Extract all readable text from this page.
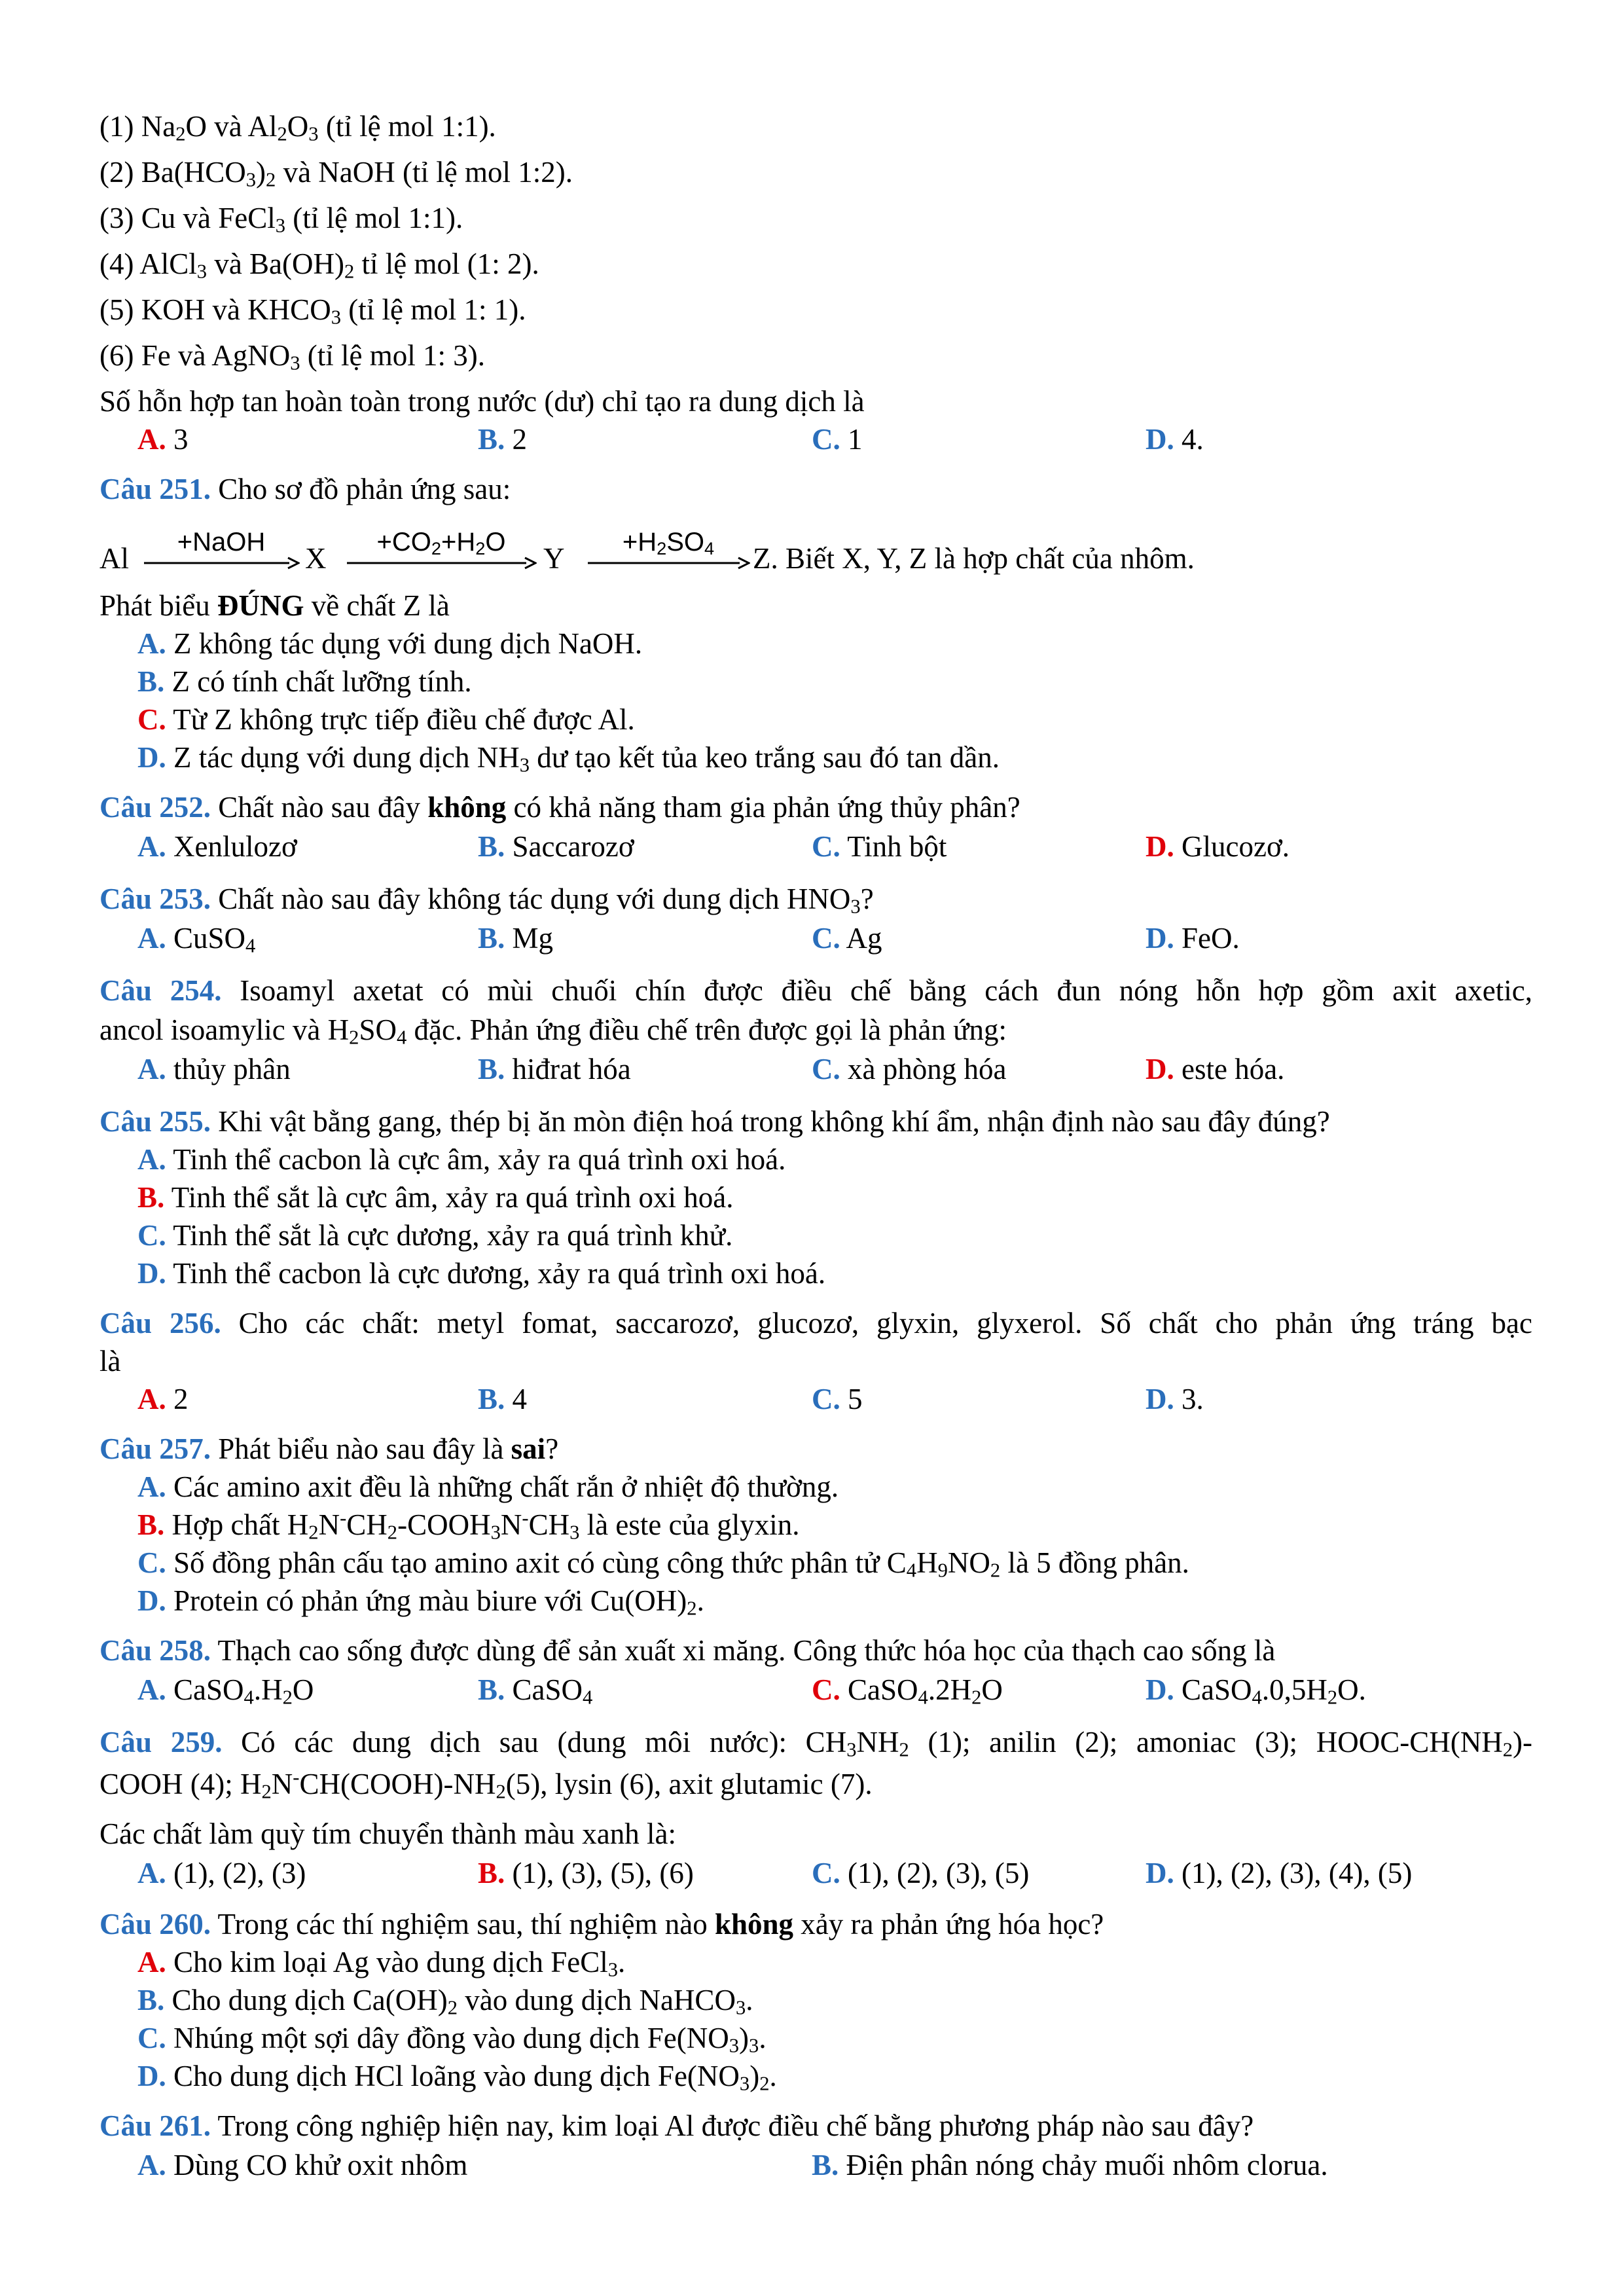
(1) $Na_2O$ và $Al_2O_3$ (tỉ lệ mol 1:1).
(2) $Ba(HCO_3)_2$ và NaOH (tỉ lệ mol 1:2).
(3) Cu và FeCl$_3$ (tỉ lệ mol 1:1).
(4) AlCl$_3$ và $Ba(OH)_2$ tỉ lệ mol (1: 2).
(5) KOH và $KHCO_3$ (tỉ lệ mol 1: 1).
(6) Fe và AgNO$_3$ (tỉ lệ mol 1: 3).
Số hỗn hợp tan hoàn toàn trong nước (dư) chỉ tạo ra dung dịch là
A. 3	B. 2	C. 1	D. 4.
Câu 251. Cho sơ đồ phản ứng sau:
Al	+NaOH	X	$+CO_2+H_2O$	Y	$+H_2SO_4$	Z. Biết X, Y, Z là hợp chất của nhôm.
Phát biểu ĐÚNG về chất Z là
A. Z không tác dụng với dung dịch NaOH.
B. Z có tính chất lưỡng tính.
C. Từ Z không trực tiếp điều chế được Al.
D. Z tác dụng với dung dịch $NH_3$ dư tạo kết tủa keo trắng sau đó tan dần.
Câu 252. Chất nào sau đây không có khả năng tham gia phản ứng thủy phân?
A. Xenlulozơ	B. Saccarozơ	C. Tinh bột	D. Glucozơ.
Câu 253. Chất nào sau đây không tác dụng với dung dịch $HNO_3$?
A. CuSO$_4$	B. Mg	C. Ag	D. FeO.
Câu 254. Isoamyl axetat có mùi chuối chín được điều chế bằng cách đun nóng hỗn hợp gồm axit axetic,
ancol isoamylic và $H_2SO_4$ đặc. Phản ứng điều chế trên được gọi là phản ứng:
A. thủy phân	B. hiđrat hóa	C. xà phòng hóa	D. este hóa.
Câu 255. Khi vật bằng gang, thép bị ăn mòn điện hoá trong không khí ẩm, nhận định nào sau đây đúng?
A. Tinh thể cacbon là cực âm, xảy ra quá trình oxi hoá.
B. Tinh thể sắt là cực âm, xảy ra quá trình oxi hoá.
C. Tinh thể sắt là cực dương, xảy ra quá trình khử.
D. Tinh thể cacbon là cực dương, xảy ra quá trình oxi hoá.
Câu 256. Cho các chất: metyl fomat, saccarozơ, glucozơ, glyxin, glyxerol. Số chất cho phản ứng tráng bạc
là
A. 2	B. 4	C. 5	D. 3.
Câu 257. Phát biểu nào sau đây là sai?
A. Các amino axit đều là những chất rắn ở nhiệt độ thường.
B. Hợp chất $H_2N^-CH_2-COOH_3N^-CH_3$ là este của glyxin.
C. Số đồng phân cấu tạo amino axit có cùng công thức phân tử $C_4H_9NO_2$ là 5 đồng phân.
D. Protein có phản ứng màu biure với $Cu(OH)_2$.
Câu 258. Thạch cao sống được dùng để sản xuất xi măng. Công thức hóa học của thạch cao sống là
A. $CaSO_4.H_2O$	B. CaSO$_4$	C. $CaSO_4.2H_2O$	D. $CaSO_4.0,5H_2O$.
Câu 259. Có các dung dịch sau (dung môi nước): $CH_3NH_2$ (1); anilin (2); amoniac (3); HOOC-$CH(NH_2)-$
COOH (4); $H_2N^-CH(COOH)-NH_2(5)$, lysin (6), axit glutamic (7).
Các chất làm quỳ tím chuyển thành màu xanh là:
A. (1), (2), (3)	B. (1), (3), (5), (6)	C. (1), (2), (3), (5)	D. (1), (2), (3), (4), (5)
Câu 260. Trong các thí nghiệm sau, thí nghiệm nào không xảy ra phản ứng hóa học?
A. Cho kim loại Ag vào dung dịch FeCl$_3$.
B. Cho dung dịch $Ca(OH)_2$ vào dung dịch NaHCO$_3$.
C. Nhúng một sợi dây đồng vào dung dịch $Fe(NO_3)_3$.
D. Cho dung dịch HCl loãng vào dung dịch $Fe(NO_3)_2$.
Câu 261. Trong công nghiệp hiện nay, kim loại Al được điều chế bằng phương pháp nào sau đây?
A. Dùng CO khử oxit nhôm	B. Điện phân nóng chảy muối nhôm clorua.
